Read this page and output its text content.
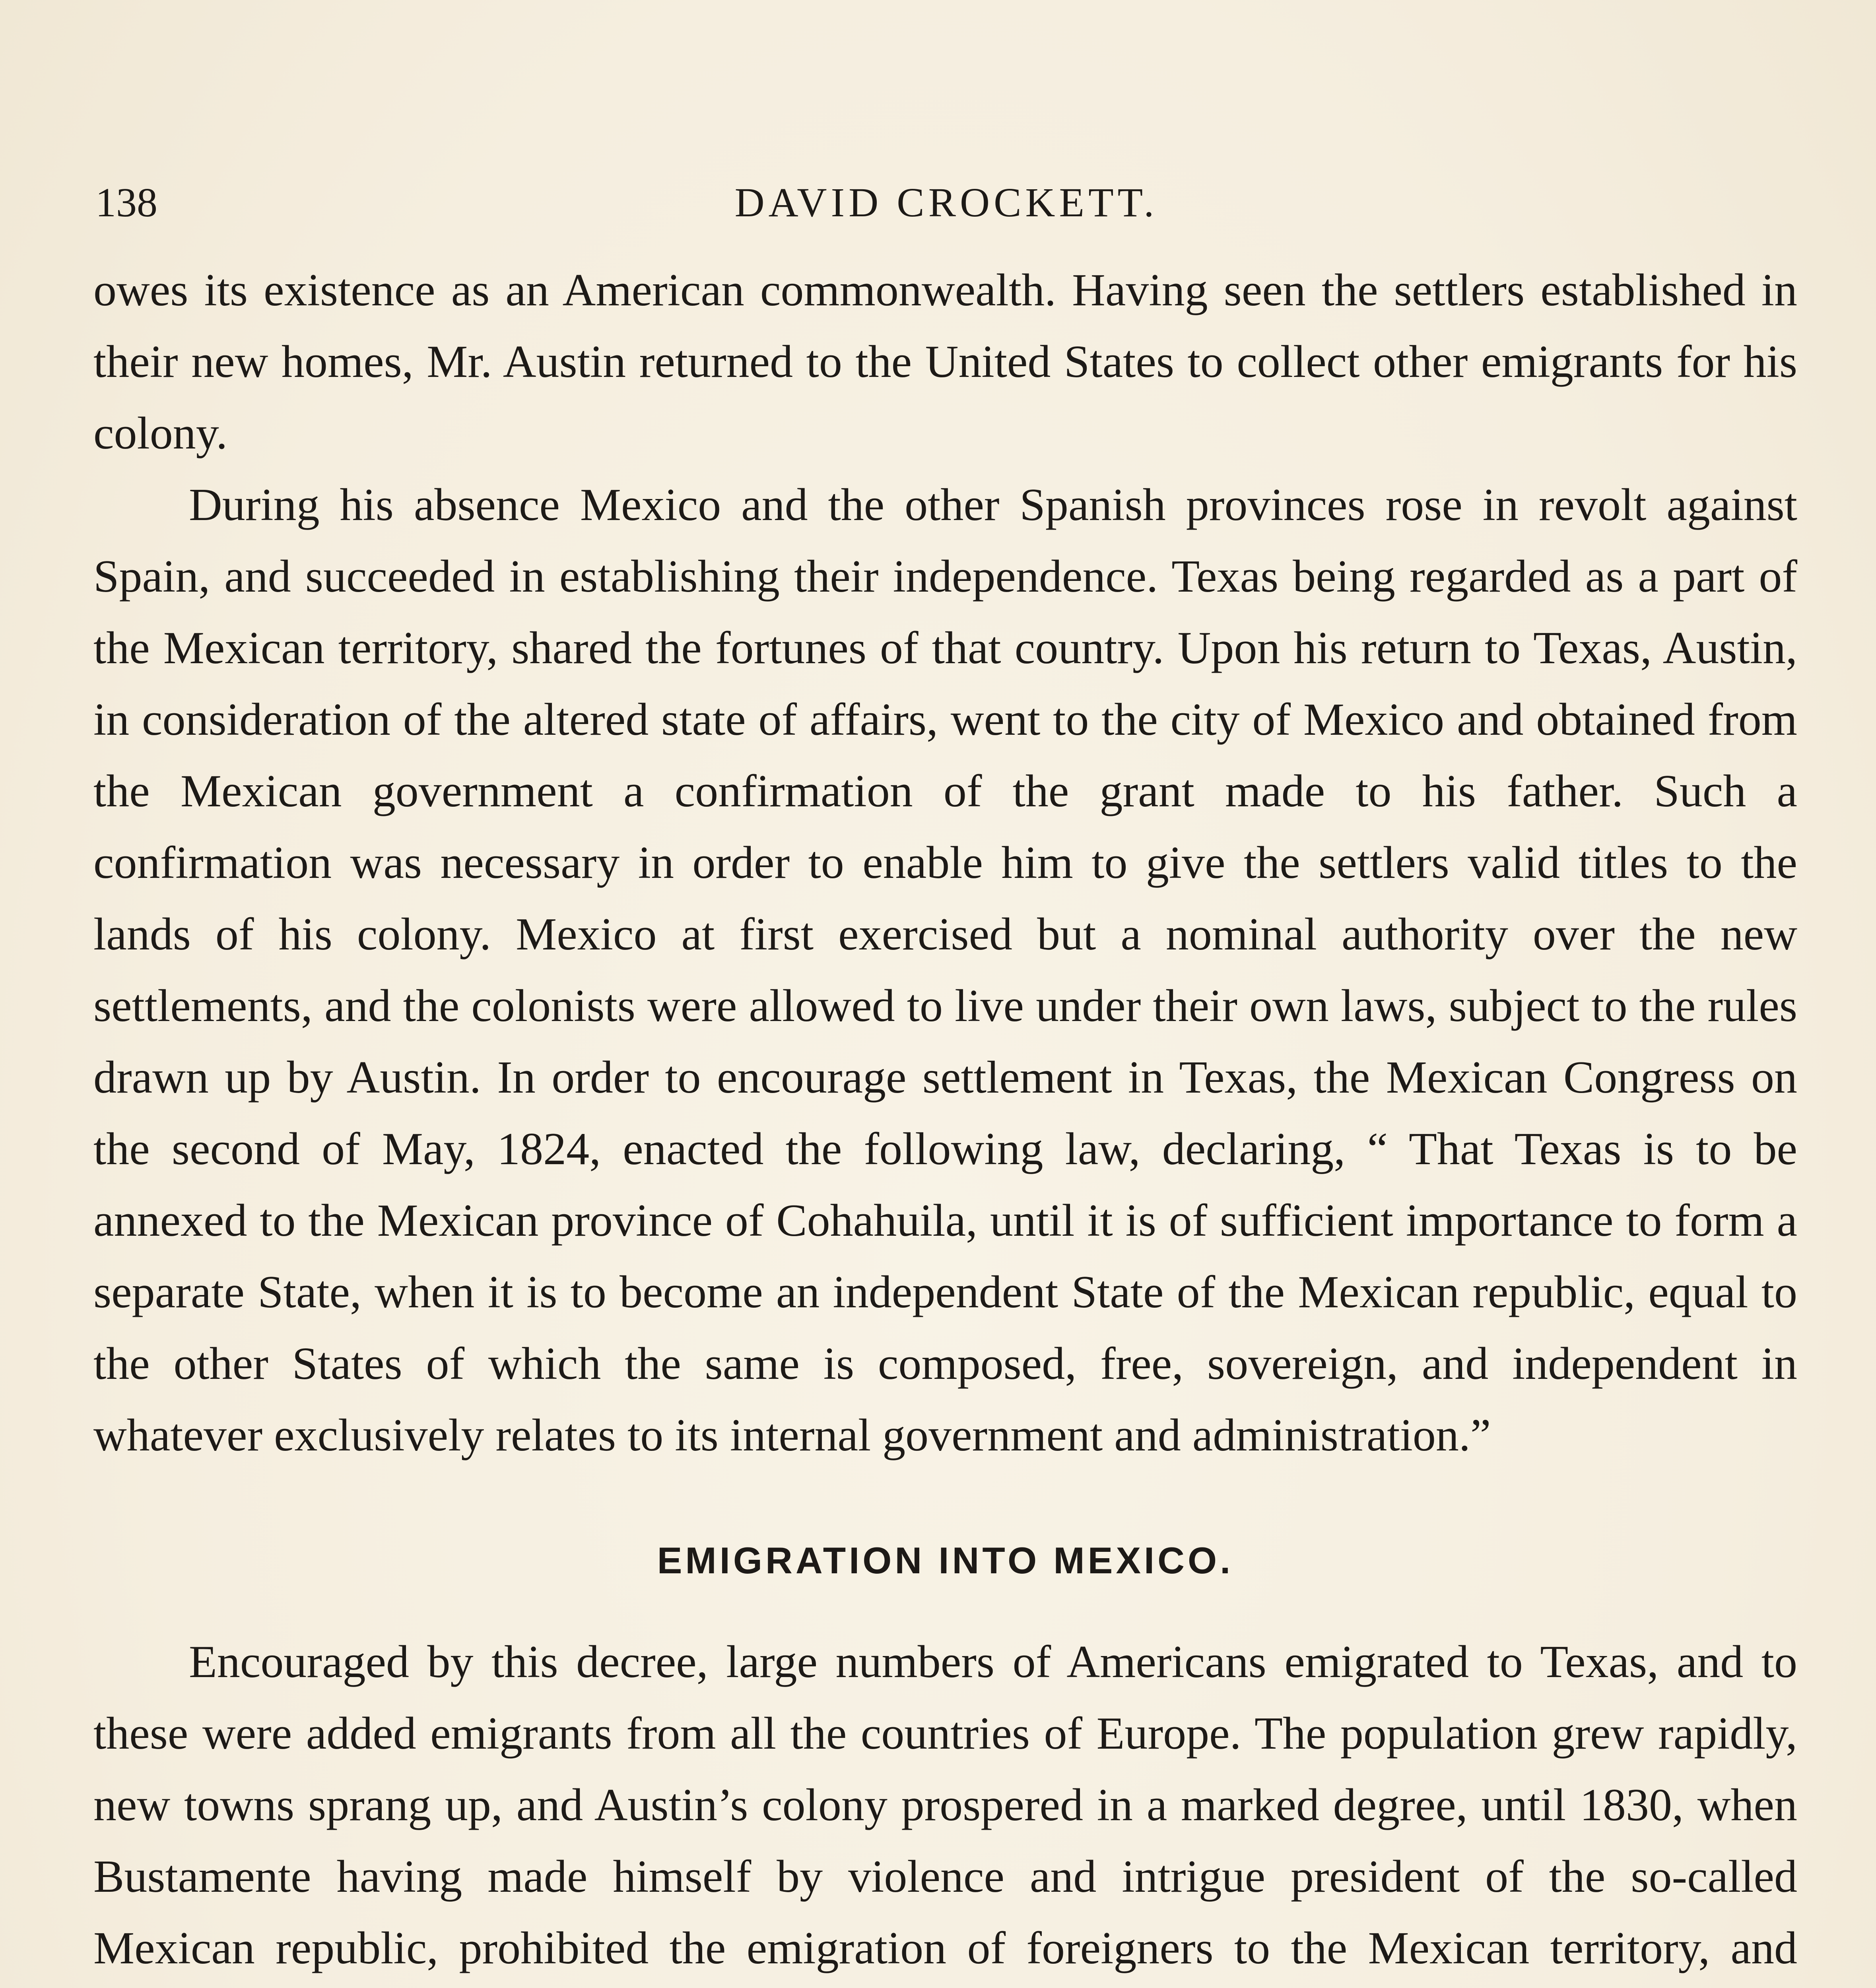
138	DAVID CROCKETT.

owes its existence as an American commonwealth. Having seen the settlers established in their new homes, Mr. Austin returned to the United States to collect other emigrants for his colony.

During his absence Mexico and the other Spanish provinces rose in revolt against Spain, and succeeded in establishing their independence. Texas being regarded as a part of the Mexican territory, shared the fortunes of that country. Upon his return to Texas, Austin, in consideration of the altered state of affairs, went to the city of Mexico and obtained from the Mexican government a confirmation of the grant made to his father. Such a confirmation was necessary in order to enable him to give the settlers valid titles to the lands of his colony. Mexico at first exercised but a nominal authority over the new settlements, and the colonists were allowed to live under their own laws, subject to the rules drawn up by Austin. In order to encourage settlement in Texas, the Mexican Congress on the second of May, 1824, enacted the following law, declaring, “ That Texas is to be annexed to the Mexican province of Cohahuila, until it is of sufficient importance to form a separate State, when it is to become an independent State of the Mexican republic, equal to the other States of which the same is composed, free, sovereign, and independent in whatever exclusively relates to its internal government and administration.”

EMIGRATION INTO MEXICO.

Encouraged by this decree, large numbers of Americans emigrated to Texas, and to these were added emigrants from all the countries of Europe. The population grew rapidly, new towns sprang up, and Austin’s colony prospered in a marked degree, until 1830, when Bustamente having made himself by violence and intrigue president of the so-called Mexican republic, prohibited the emigration of foreigners to the Mexican territory, and
